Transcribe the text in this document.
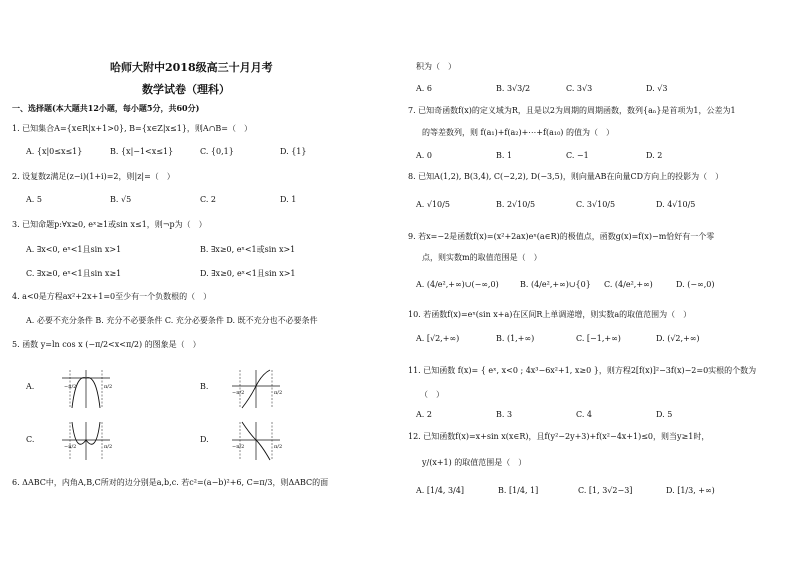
哈师大附中2018级高三十月月考
数学试卷（理科）
一、选择题(本大题共12小题，每小题5分，共60分)
1. 已知集合A={x∈R|x+1>0}, B={x∈Z|x≤1}，则A∩B=（　）
A. {x|0≤x≤1}	B. {x|−1<x≤1}	C. {0,1}	D. {1}
2. 设复数z满足(z−i)(1+i)=2，则|z|=（　）
A. 5	B. √5	C. 2	D. 1
3. 已知命题p:∀x≥0, eˣ≥1或sin x≤1，则¬p为（　）
A. ∃x<0, eˣ<1且sin x>1	B. ∃x≥0, eˣ<1或sin x>1
C. ∃x≥0, eˣ<1且sin x≥1	D. ∃x≥0, eˣ<1且sin x>1
4. a<0是方程ax²+2x+1=0至少有一个负数根的（　）
A. 必要不充分条件 B. 充分不必要条件 C. 充分必要条件 D. 既不充分也不必要条件
5. 函数 y=ln cos x (−π/2<x<π/2) 的图象是（　）
A.	−π/2	π/2	B.
−π/2	π/2
C.
−π/2	π/2
D.
−π/2	π/2
6. ΔABC中，内角A,B,C所对的边分别是a,b,c. 若c²=(a−b)²+6, C=π/3，则ΔABC的面
积为（　）
A. 6	B. 3√3/2	C. 3√3	D. √3
7. 已知奇函数f(x)的定义域为R，且是以2为周期的周期函数，数列{aₙ}是首项为1，公差为1
的等差数列，则 f(a₁)+f(a₂)+⋯+f(a₁₀) 的值为（　）
A. 0	B. 1	C. −1	D. 2
8. 已知A(1,2), B(3,4), C(−2,2), D(−3,5)，则向量AB在向量CD方向上的投影为（　）
A. √10/5	B. 2√10/5	C. 3√10/5	D. 4√10/5
9. 若x=−2是函数f(x)=(x²+2ax)eˣ(a∈R)的极值点，函数g(x)=f(x)−m恰好有一个零
点，则实数m的取值范围是（　）
A. (4/e²,+∞)∪(−∞,0)	B. (4/e²,+∞)∪{0} C. (4/e²,+∞)	D. (−∞,0)
10. 若函数f(x)=eˣ(sin x+a)在区间R上单调递增，则实数a的取值范围为（　）
A. [√2,+∞)	B. (1,+∞)	C. [−1,+∞)	D. (√2,+∞)
11. 已知函数 f(x)= { eˣ, x<0 ; 4x³−6x²+1, x≥0 }，则方程2[f(x)]²−3f(x)−2=0实根的个数为
（　）
A. 2	B. 3	C. 4	D. 5
12. 已知函数f(x)=x+sin x(x∈R)，且f(y²−2y+3)+f(x²−4x+1)≤0，则当y≥1时，
y/(x+1) 的取值范围是（　）
A. [1/4, 3/4]	B. [1/4, 1]	C. [1, 3√2−3]	D. [1/3, +∞)
